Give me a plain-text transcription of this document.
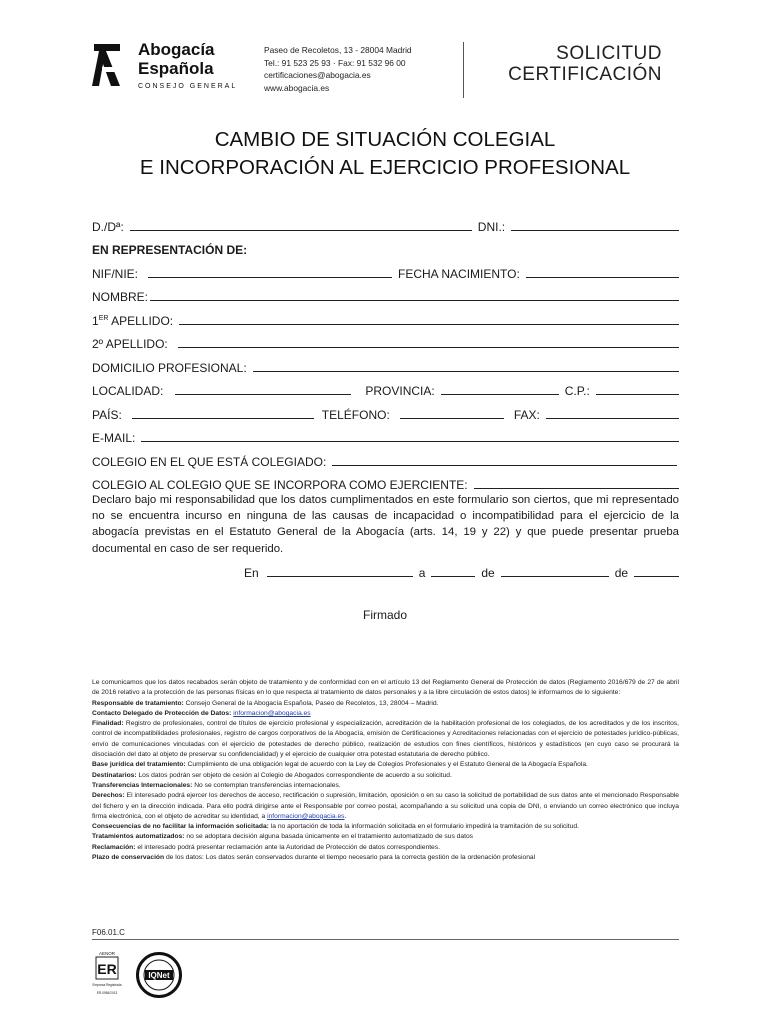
Abogacía
Española
CONSEJO GENERAL
Paseo de Recoletos, 13 - 28004 Madrid
Tel.: 91 523 25 93 · Fax: 91 532 96 00
certificaciones@abogacia.es
www.abogacia.es
SOLICITUD
CERTIFICACIÓN
CAMBIO DE SITUACIÓN COLEGIAL
E INCORPORACIÓN AL EJERCICIO PROFESIONAL
D./Dª:	DNI.:
EN REPRESENTACIÓN DE:
NIF/NIE:	FECHA NACIMIENTO:
NOMBRE:
1ER APELLIDO:
2º APELLIDO:
DOMICILIO PROFESIONAL:
LOCALIDAD:	PROVINCIA:	C.P.:
PAÍS:	TELÉFONO:	FAX:
E-MAIL:
COLEGIO EN EL QUE ESTÁ COLEGIADO:
COLEGIO AL COLEGIO QUE SE INCORPORA COMO EJERCIENTE:
Declaro bajo mi responsabilidad que los datos cumplimentados en este formulario son ciertos, que mi representado no se encuentra incurso en ninguna de las causas de incapacidad o incompatibilidad para el ejercicio de la abogacía previstas en el Estatuto General de la Abogacía (arts. 14, 19 y 22) y que puede presentar prueba documental en caso de ser requerido.
En	a	de	de
Firmado

Le comunicamos que los datos recabados serán objeto de tratamiento y de conformidad con en el artículo 13 del Reglamento General de Protección de datos (Reglamento 2016/679 de 27 de abril de 2016 relativo a la protección de las personas físicas en lo que respecta al tratamiento de datos personales y a la libre circulación de estos datos) le informamos de lo siguiente:

Responsable de tratamiento: Consejo General de la Abogacía Española, Paseo de Recoletos, 13, 28004 – Madrid.

Contacto Delegado de Protección de Datos: informacion@abogacia.es

Finalidad: Registro de profesionales, control de títulos de ejercicio profesional y especialización, acreditación de la habilitación profesional de los colegiados, de los acreditados y de los inscritos, control de incompatibilidades profesionales, registro de cargos corporativos de la Abogacía, emisión de Certificaciones y Acreditaciones relacionadas con el ejercicio de potestades jurídico-públicas, envío de comunicaciones vinculadas con el ejercicio de potestades de derecho público, realización de estudios con fines científicos, históricos y estadísticos (en cuyo caso se procurará la disociación del dato al objeto de preservar su confidencialidad) y el ejercicio de cualquier otra potestad estatutaria de derecho público.

Base jurídica del tratamiento: Cumplimiento de una obligación legal de acuerdo con la Ley de Colegios Profesionales y el Estatuto General de la Abogacía Española.

Destinatarios: Los datos podrán ser objeto de cesión al Colegio de Abogados correspondiente de acuerdo a su solicitud.

Transferencias Internacionales: No se contemplan transferencias internacionales.

Derechos: El interesado podrá ejercer los derechos de acceso, rectificación o supresión, limitación, oposición o en su caso la solicitud de portabilidad de sus datos ante el mencionado Responsable del fichero y en la dirección indicada. Para ello podrá dirigirse ante el Responsable por correo postal, acompañando a su solicitud una copia de DNI, o enviando un correo electrónico que incluya firma electrónica, con el objeto de acreditar su identidad, a informacion@abogacia.es.

Consecuencias de no facilitar la información solicitada: la no aportación de toda la información solicitada en el formulario impedirá la tramitación de su solicitud.

Tratamientos automatizados: no se adoptara decisión alguna basada únicamente en el tratamiento automatizado de sus datos

Reclamación: el interesado podrá presentar reclamación ante la Autoridad de Protección de datos correspondientes.

Plazo de conservación de los datos: Los datos serán conservados durante el tiempo necesario para la correcta gestión de la ordenación profesional

F06.01.C
AENOR
ER
Empresa Registrada
ER-0984/2013
IQNet
